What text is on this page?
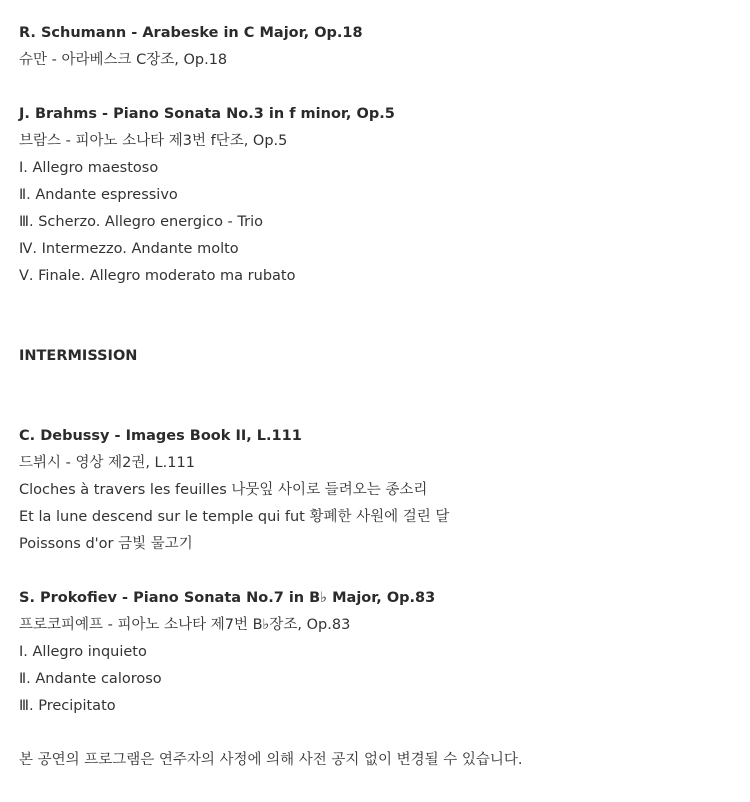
R. Schumann - Arabeske in C Major, Op.18
슈만 - 아라베스크 C장조, Op.18
J. Brahms - Piano Sonata No.3 in f minor, Op.5
브람스 - 피아노 소나타 제3번 f단조, Op.5
Ⅰ. Allegro maestoso
Ⅱ. Andante espressivo
Ⅲ. Scherzo. Allegro energico - Trio
Ⅳ. Intermezzo. Andante molto
Ⅴ. Finale. Allegro moderato ma rubato
INTERMISSION
C. Debussy - Images Book II, L.111
드뷔시 - 영상 제2권, L.111
Cloches à travers les feuilles 나뭇잎 사이로 들려오는 종소리
Et la lune descend sur le temple qui fut 황폐한 사원에 걸린 달
Poissons d'or 금빛 물고기
S. Prokofiev - Piano Sonata No.7 in B♭ Major, Op.83
프로코피예프 - 피아노 소나타 제7번 B♭장조, Op.83
Ⅰ. Allegro inquieto
Ⅱ. Andante caloroso
Ⅲ. Precipitato
본 공연의 프로그램은 연주자의 사정에 의해 사전 공지 없이 변경될 수 있습니다.
